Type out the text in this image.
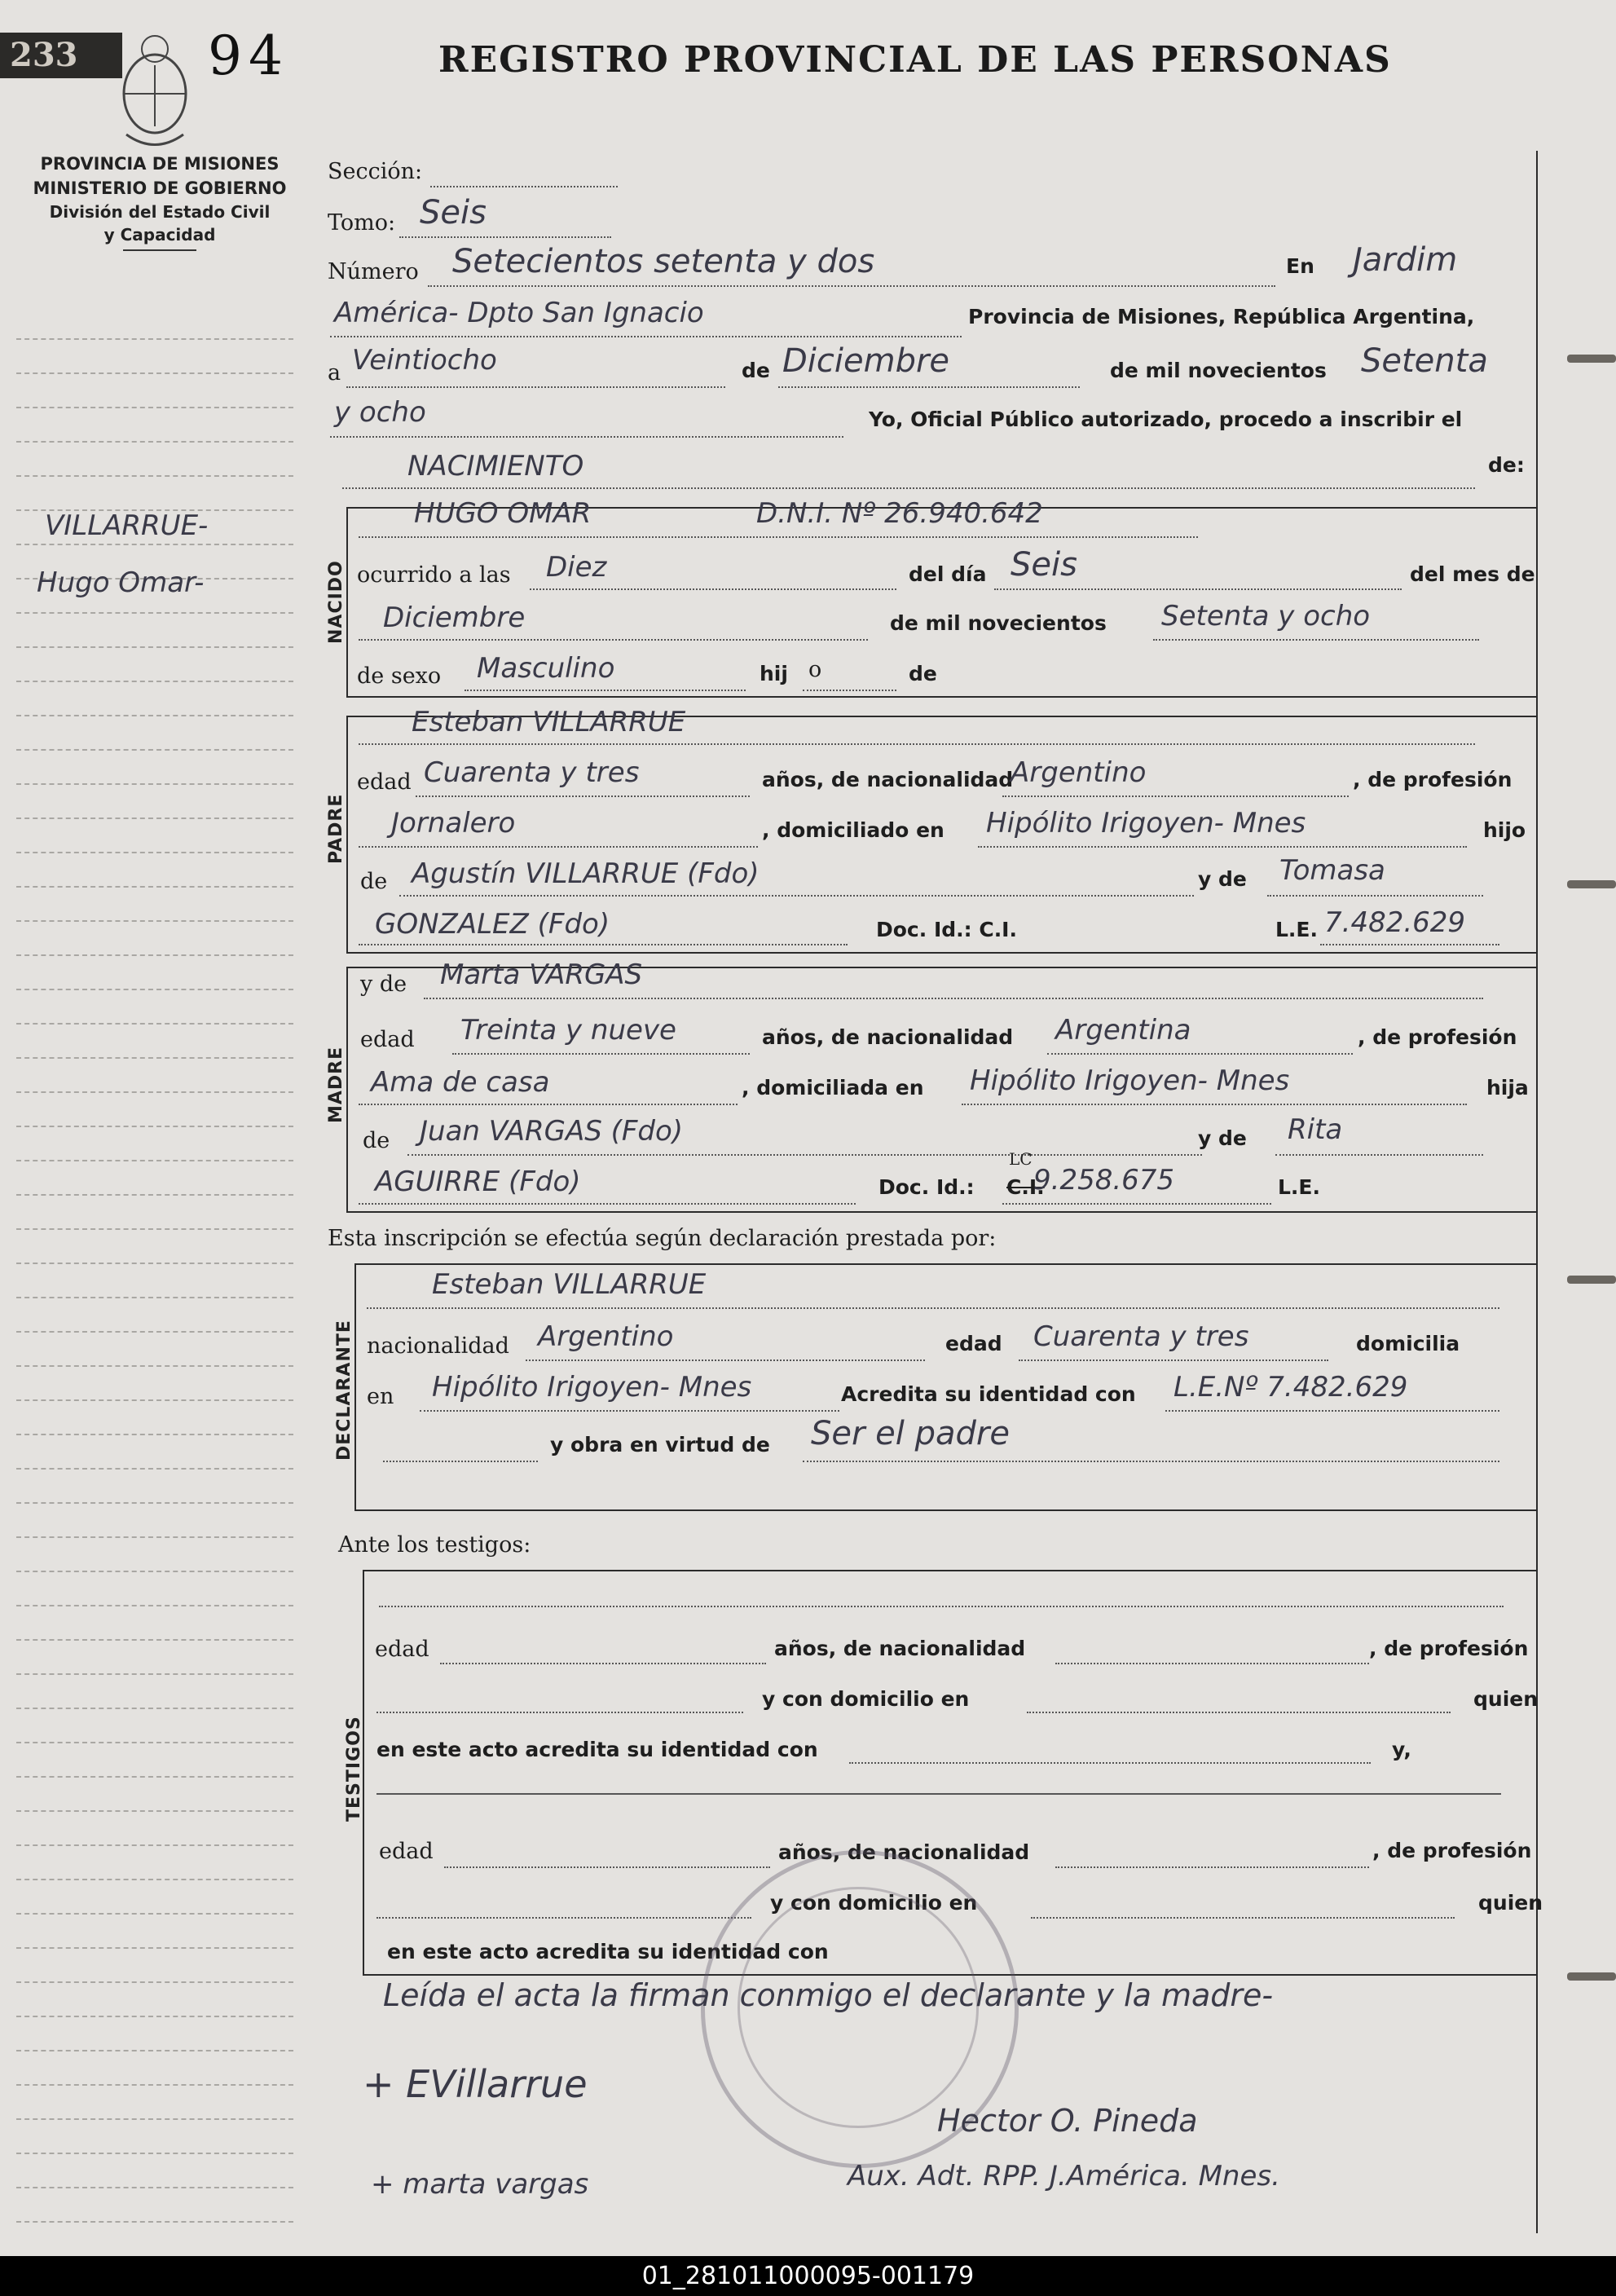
233	94	REGISTRO PROVINCIAL DE LAS PERSONAS
PROVINCIA DE MISIONES
MINISTERIO DE GOBIERNO
División del Estado Civil
y Capacidad
VILLARRUE-
Hugo Omar-
Sección:
Tomo: Seis
Número Setecientos setenta y dos	En Jardim
América- Dpto San Ignacio	Provincia de Misiones, República Argentina,
a Veintiocho	de Diciembre	de mil novecientos Setenta
y ocho	Yo, Oficial Público autorizado, procedo a inscribir el
NACIMIENTO	de:
NACIDO
HUGO OMAR	D.N.I. Nº 26.940.642
ocurrido a las Diez	del día Seis	del mes de
Diciembre	de mil novecientos Setenta y ocho
de sexo Masculino	hij o	de
PADRE
Esteban VILLARRUE
edad Cuarenta y tres	años, de nacionalidad
Argentino	, de profesión
Jornalero	, domiciliado en Hipólito Irigoyen- Mnes	hijo
de Agustín VILLARRUE (Fdo)	y de Tomasa
GONZALEZ (Fdo)	Doc. Id.: C.I.	L.E. 7.482.629
MADRE
y de Marta VARGAS
edad Treinta y nueve	años, de nacionalidad Argentina	, de profesión
Ama de casa	, domiciliada en Hipólito Irigoyen- Mnes	hija
de Juan VARGAS (Fdo)	y de Rita
AGUIRRE (Fdo)	Doc. Id.:
LC
C.I.
9.258.675	L.E.
Esta inscripción se efectúa según declaración prestada por:
DECLARANTE
Esteban VILLARRUE
nacionalidad Argentino	edad Cuarenta y tres	domicilia
en Hipólito Irigoyen- Mnes	Acredita su identidad con L.E.Nº 7.482.629
y obra en virtud de Ser el padre
Ante los testigos:
TESTIGOS
edad	años, de nacionalidad	, de profesión
y con domicilio en	quien
en este acto acredita su identidad con	y,
edad	años, de nacionalidad	, de profesión
y con domicilio en	quien
en este acto acredita su identidad con
Leída el acta la firman conmigo el declarante y la madre-
+ EVillarrue
Hector O. Pineda
+ marta vargas	Aux. Adt. RPP. J.América. Mnes.
01_281011000095-001179
